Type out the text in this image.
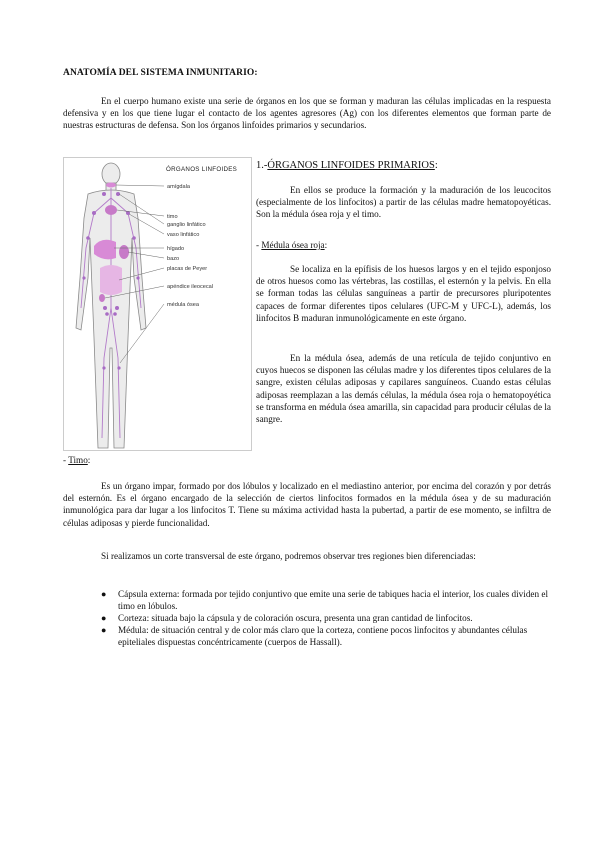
ANATOMÍA DEL SISTEMA INMUNITARIO:

En el cuerpo humano existe una serie de órganos en los que se forman y maduran las células implicadas en la respuesta defensiva y en los que tiene lugar el contacto de los agentes agresores (Ag) con los diferentes elementos que forman parte de nuestras estructuras de defensa. Son los órganos linfoides primarios y secundarios.

ÓRGANOS LINFOIDES
amígdala
timo
ganglio linfático
vaso linfático
hígado
bazo
placas de Peyer
apéndice ileocecal
médula ósea
1.-ÓRGANOS LINFOIDES PRIMARIOS:

En ellos se produce la formación y la maduración de los leucocitos (especialmente de los linfocitos) a partir de las células madre hematopoyéticas. Son la médula ósea roja y el timo.

- Médula ósea roja:

Se localiza en la epífisis de los huesos largos y en el tejido esponjoso de otros huesos como las vértebras, las costillas, el esternón y la pelvis. En ella se forman todas las células sanguíneas a partir de precursores pluripotentes capaces de formar diferentes tipos celulares (UFC-M y UFC-L), además, los linfocitos B maduran inmunológicamente en este órgano.

En la médula ósea, además de una retícula de tejido conjuntivo en cuyos huecos se disponen las células madre y los diferentes tipos celulares de la sangre, existen células adiposas y capilares sanguíneos. Cuando estas células adiposas reemplazan a las demás células, la médula ósea roja o hematopoyética se transforma en médula ósea amarilla, sin capacidad para producir células de la sangre.

- Timo:

Es un órgano impar, formado por dos lóbulos y localizado en el mediastino anterior, por encima del corazón y por detrás del esternón. Es el órgano encargado de la selección de ciertos linfocitos formados en la médula ósea y de su maduración inmunológica para dar lugar a los linfocitos T. Tiene su máxima actividad hasta la pubertad, a partir de ese momento, se infiltra de células adiposas y pierde funcionalidad.

Si realizamos un corte transversal de este órgano, podremos observar tres regiones bien diferenciadas:

● Cápsula externa: formada por tejido conjuntivo que emite una serie de tabiques hacia el interior, los cuales dividen el timo en lóbulos.
● Corteza: situada bajo la cápsula y de coloración oscura, presenta una gran cantidad de linfocitos.
● Médula: de situación central y de color más claro que la corteza, contiene pocos linfocitos y abundantes células epiteliales dispuestas concéntricamente (cuerpos de Hassall).
